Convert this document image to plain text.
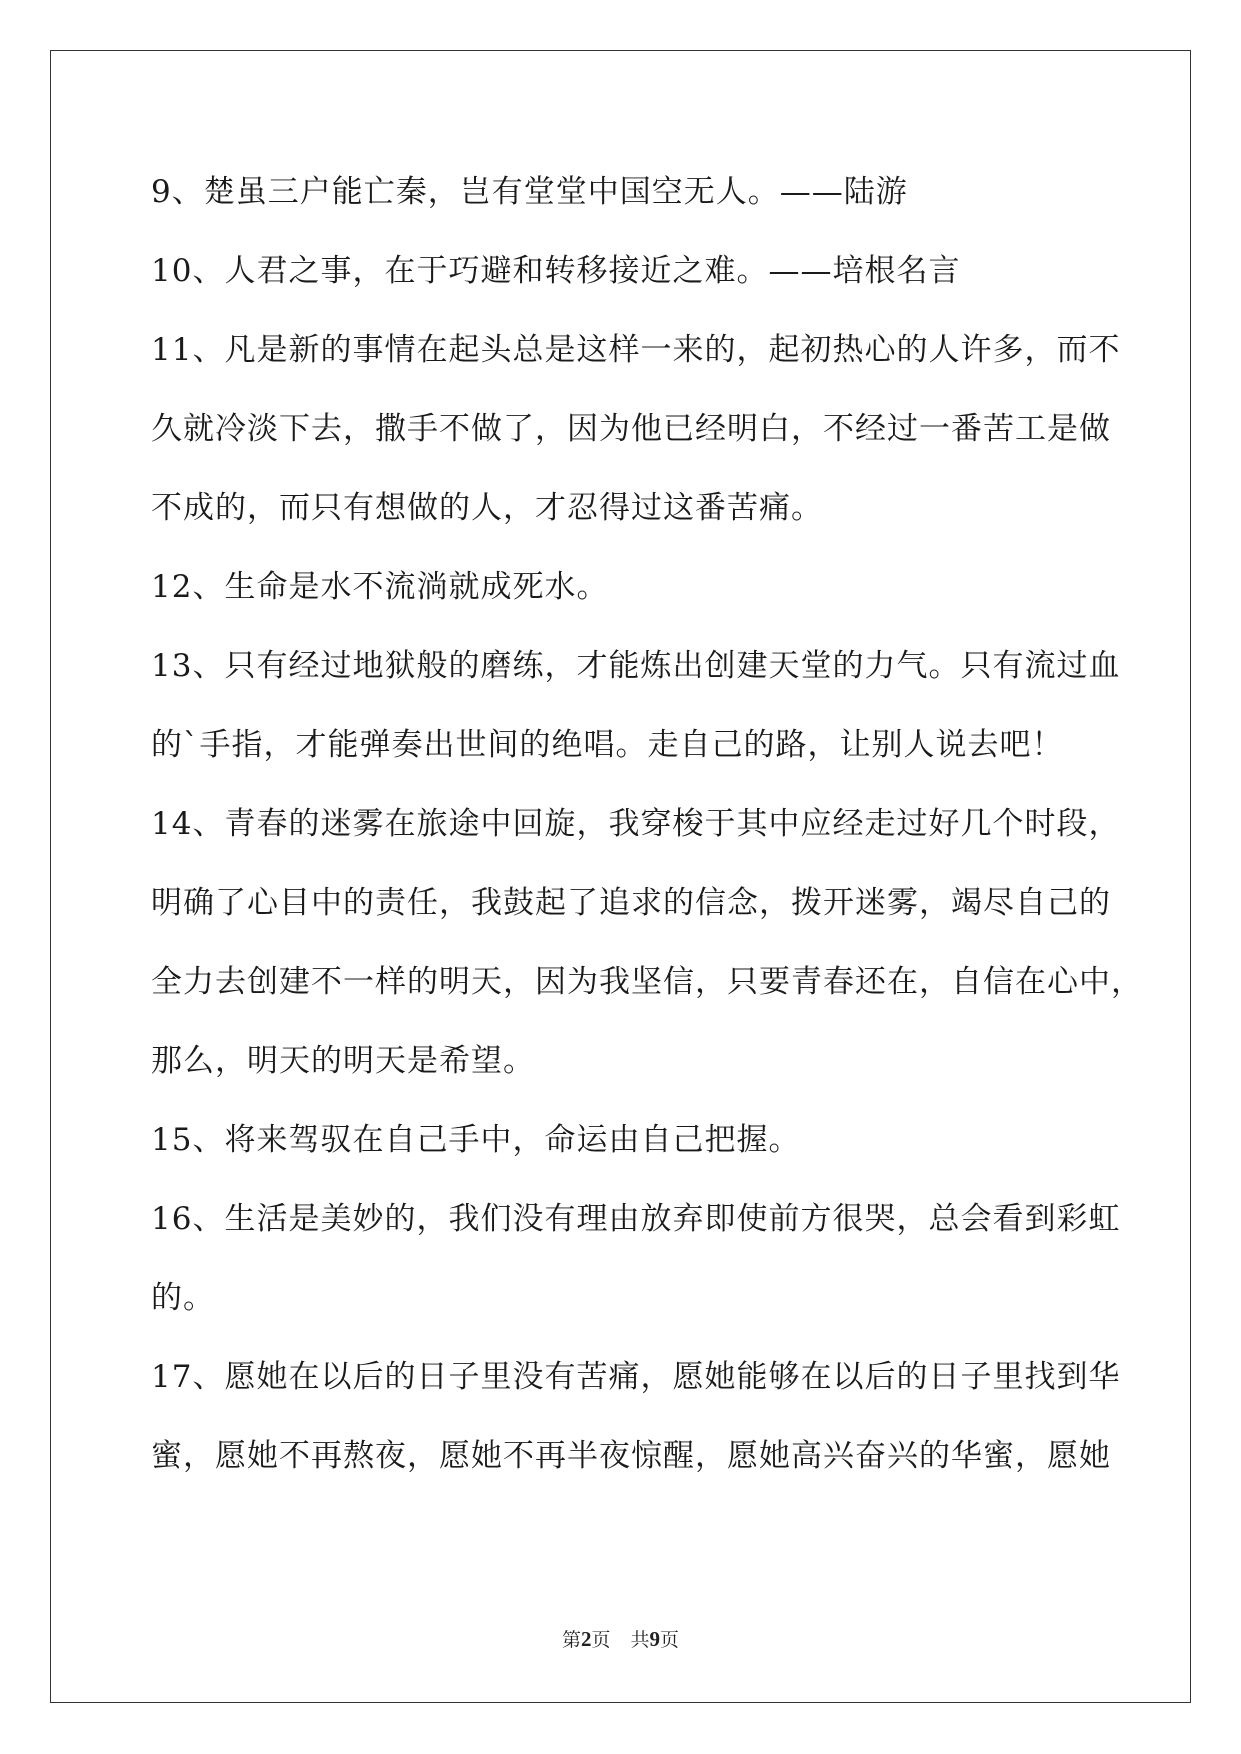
9、楚虽三户能亡秦，岂有堂堂中国空无人。——陆游
10、人君之事，在于巧避和转移接近之难。——培根名言
11、凡是新的事情在起头总是这样一来的，起初热心的人许多，而不
久就冷淡下去，撒手不做了，因为他已经明白，不经过一番苦工是做
不成的，而只有想做的人，才忍得过这番苦痛。
12、生命是水不流淌就成死水。
13、只有经过地狱般的磨练，才能炼出创建天堂的力气。只有流过血
的`手指，才能弹奏出世间的绝唱。走自己的路，让别人说去吧！
14、青春的迷雾在旅途中回旋，我穿梭于其中应经走过好几个时段，
明确了心目中的责任，我鼓起了追求的信念，拨开迷雾，竭尽自己的
全力去创建不一样的明天，因为我坚信，只要青春还在，自信在心中，
那么，明天的明天是希望。
15、将来驾驭在自己手中，命运由自己把握。
16、生活是美妙的，我们没有理由放弃即使前方很哭，总会看到彩虹
的。
17、愿她在以后的日子里没有苦痛，愿她能够在以后的日子里找到华
蜜，愿她不再熬夜，愿她不再半夜惊醒，愿她高兴奋兴的华蜜，愿她
第2页 共9页
